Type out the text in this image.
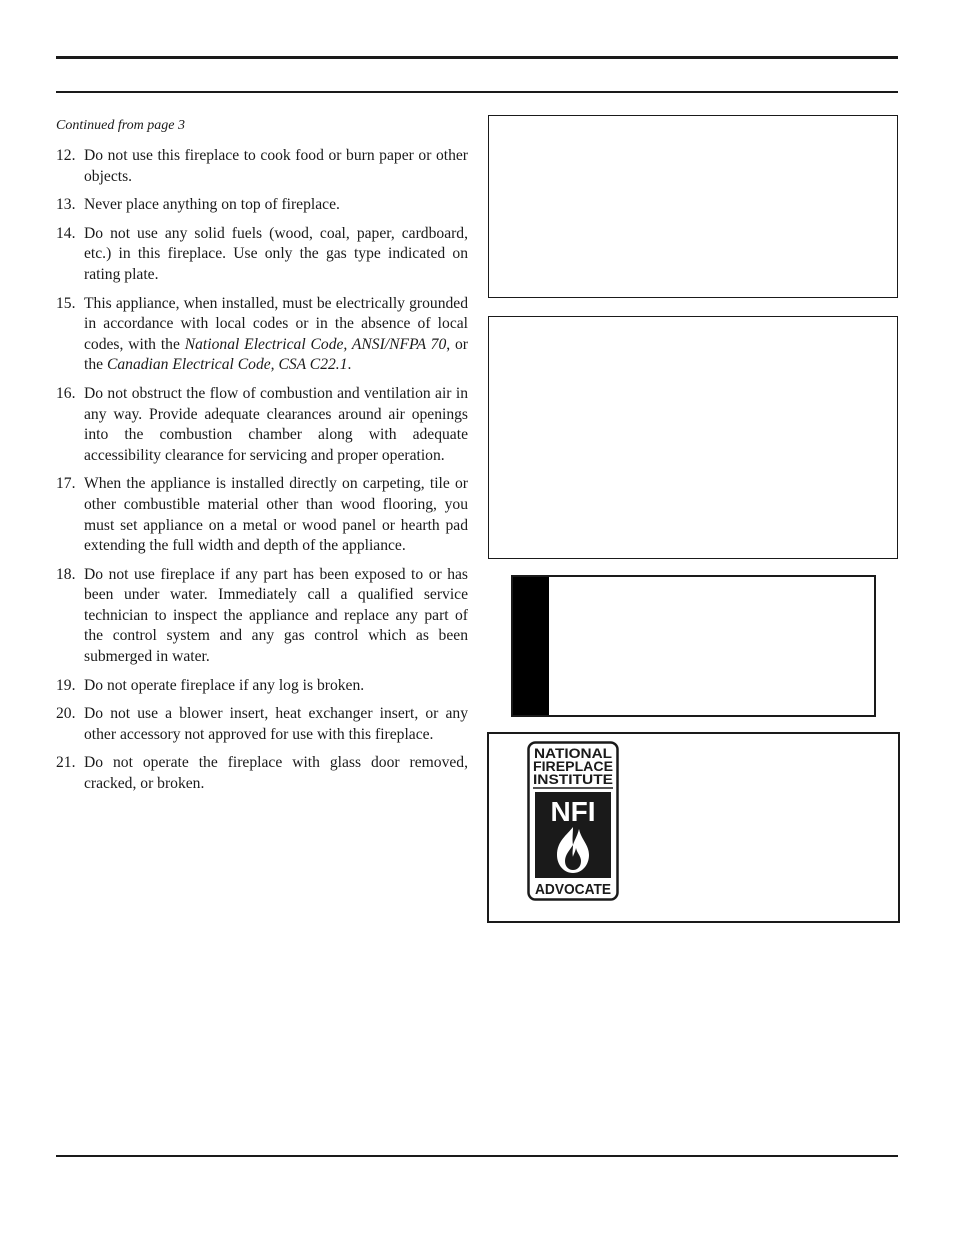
Continued from page 3
12. Do not use this fireplace to cook food or burn paper or other objects.
13. Never place anything on top of fireplace.
14. Do not use any solid fuels (wood, coal, paper, cardboard, etc.) in this fireplace. Use only the gas type indicated on rating plate.
15. This appliance, when installed, must be electrically grounded in accordance with local codes or in the absence of local codes, with the National Electrical Code, ANSI/NFPA 70, or the Canadian Electrical Code, CSA C22.1.
16. Do not obstruct the flow of combustion and ventilation air in any way. Provide adequate clearances around air openings into the combustion chamber along with adequate accessibility clearance for servicing and proper operation.
17. When the appliance is installed directly on carpeting, tile or other combustible material other than wood flooring, you must set appliance on a metal or wood panel or hearth pad extending the full width and depth of the appliance.
18. Do not use fireplace if any part has been exposed to or has been under water. Immediately call a qualified service technician to inspect the appliance and replace any part of the control system and any gas control which as been submerged in water.
19. Do not operate fireplace if any log is broken.
20. Do not use a blower insert, heat exchanger insert, or any other accessory not approved for use with this fireplace.
21. Do not operate the fireplace with glass door removed, cracked, or broken.
NATIONAL
FIREPLACE
INSTITUTE
NFI
ADVOCATE
